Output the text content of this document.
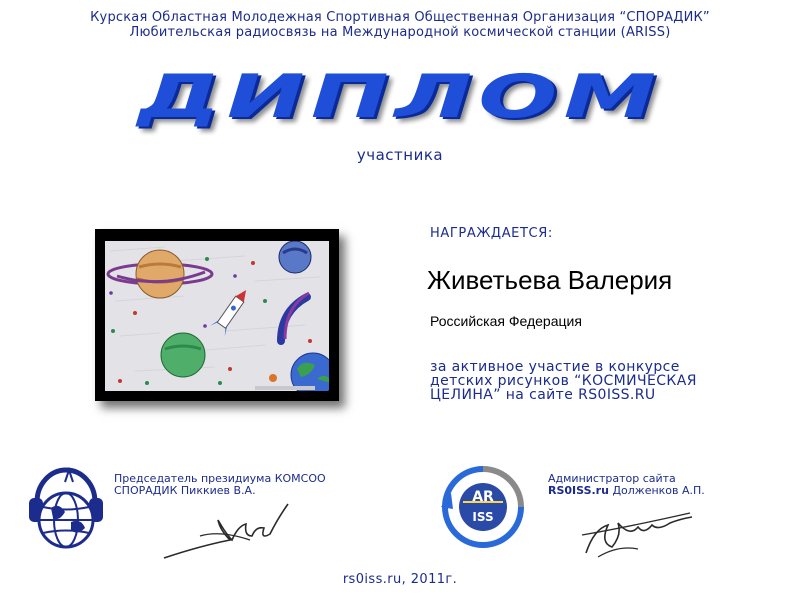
Курская Областная Молодежная Спортивная Общественная Организация “СПОРАДИК”
Любительская радиосвязь на Международной космической станции (ARISS)
ДИПЛОМ
участника
НАГРАЖДАЕТСЯ:
Живетьева Валерия
Российская Федерация
за активное участие в конкурсе
детских рисунков “КОСМИЧЕСКАЯ
ЦЕЛИНА” на сайте RS0ISS.RU
Председатель президиума КОМСОО
СПОРАДИК Пиккиев В.А.	AR
ISS
Администратор сайта
RS0ISS.ru Долженков А.П.
rs0iss.ru, 2011г.
